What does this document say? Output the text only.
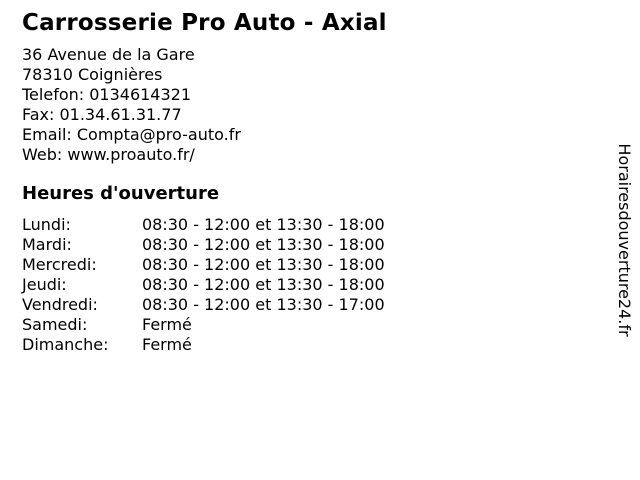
Carrosserie Pro Auto - Axial
36 Avenue de la Gare
78310 Coignières
Telefon: 0134614321
Fax: 01.34.61.31.77
Email: Compta@pro-auto.fr
Web: www.proauto.fr/
Heures d'ouverture
Lundi:	08:30 - 12:00 et 13:30 - 18:00
Mardi:	08:30 - 12:00 et 13:30 - 18:00
Mercredi:	08:30 - 12:00 et 13:30 - 18:00
Jeudi:	08:30 - 12:00 et 13:30 - 18:00
Vendredi:	08:30 - 12:00 et 13:30 - 17:00
Samedi:	Fermé
Dimanche:	Fermé
Horairesdouverture24.fr
